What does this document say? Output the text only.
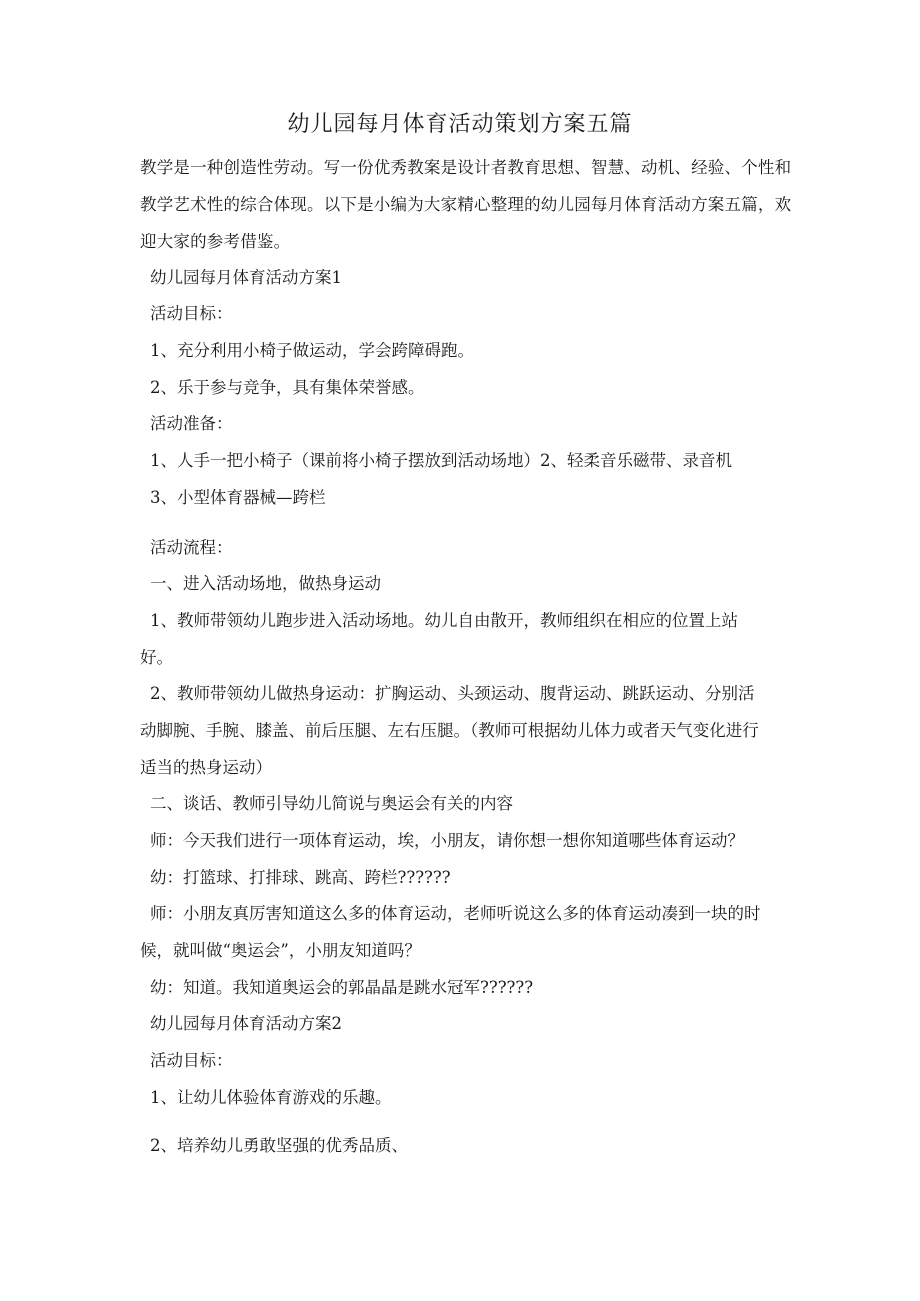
幼儿园每月体育活动策划方案五篇

教学是一种创造性劳动。写一份优秀教案是设计者教育思想、智慧、动机、经验、个性和教学艺术性的综合体现。以下是小编为大家精心整理的幼儿园每月体育活动方案五篇，欢迎大家的参考借鉴。

幼儿园每月体育活动方案1

活动目标：

1、充分利用小椅子做运动，学会跨障碍跑。

2、乐于参与竞争，具有集体荣誉感。

活动准备：

1、人手一把小椅子（课前将小椅子摆放到活动场地）2、轻柔音乐磁带、录音机

3、小型体育器械—跨栏

活动流程：

一、进入活动场地，做热身运动

1、教师带领幼儿跑步进入活动场地。幼儿自由散开，教师组织在相应的位置上站

好。

2、教师带领幼儿做热身运动：扩胸运动、头颈运动、腹背运动、跳跃运动、分别活

动脚腕、手腕、膝盖、前后压腿、左右压腿。（教师可根据幼儿体力或者天气变化进行

适当的热身运动）

二、谈话、教师引导幼儿简说与奥运会有关的内容

师：今天我们进行一项体育运动，埃，小朋友，请你想一想你知道哪些体育运动？

幼：打篮球、打排球、跳高、跨栏??????

师：小朋友真厉害知道这么多的体育运动，老师听说这么多的体育运动凑到一块的时

候，就叫做“奥运会”，小朋友知道吗？

幼：知道。我知道奥运会的郭晶晶是跳水冠军??????

幼儿园每月体育活动方案2

活动目标：

1、让幼儿体验体育游戏的乐趣。

2、培养幼儿勇敢坚强的优秀品质、
